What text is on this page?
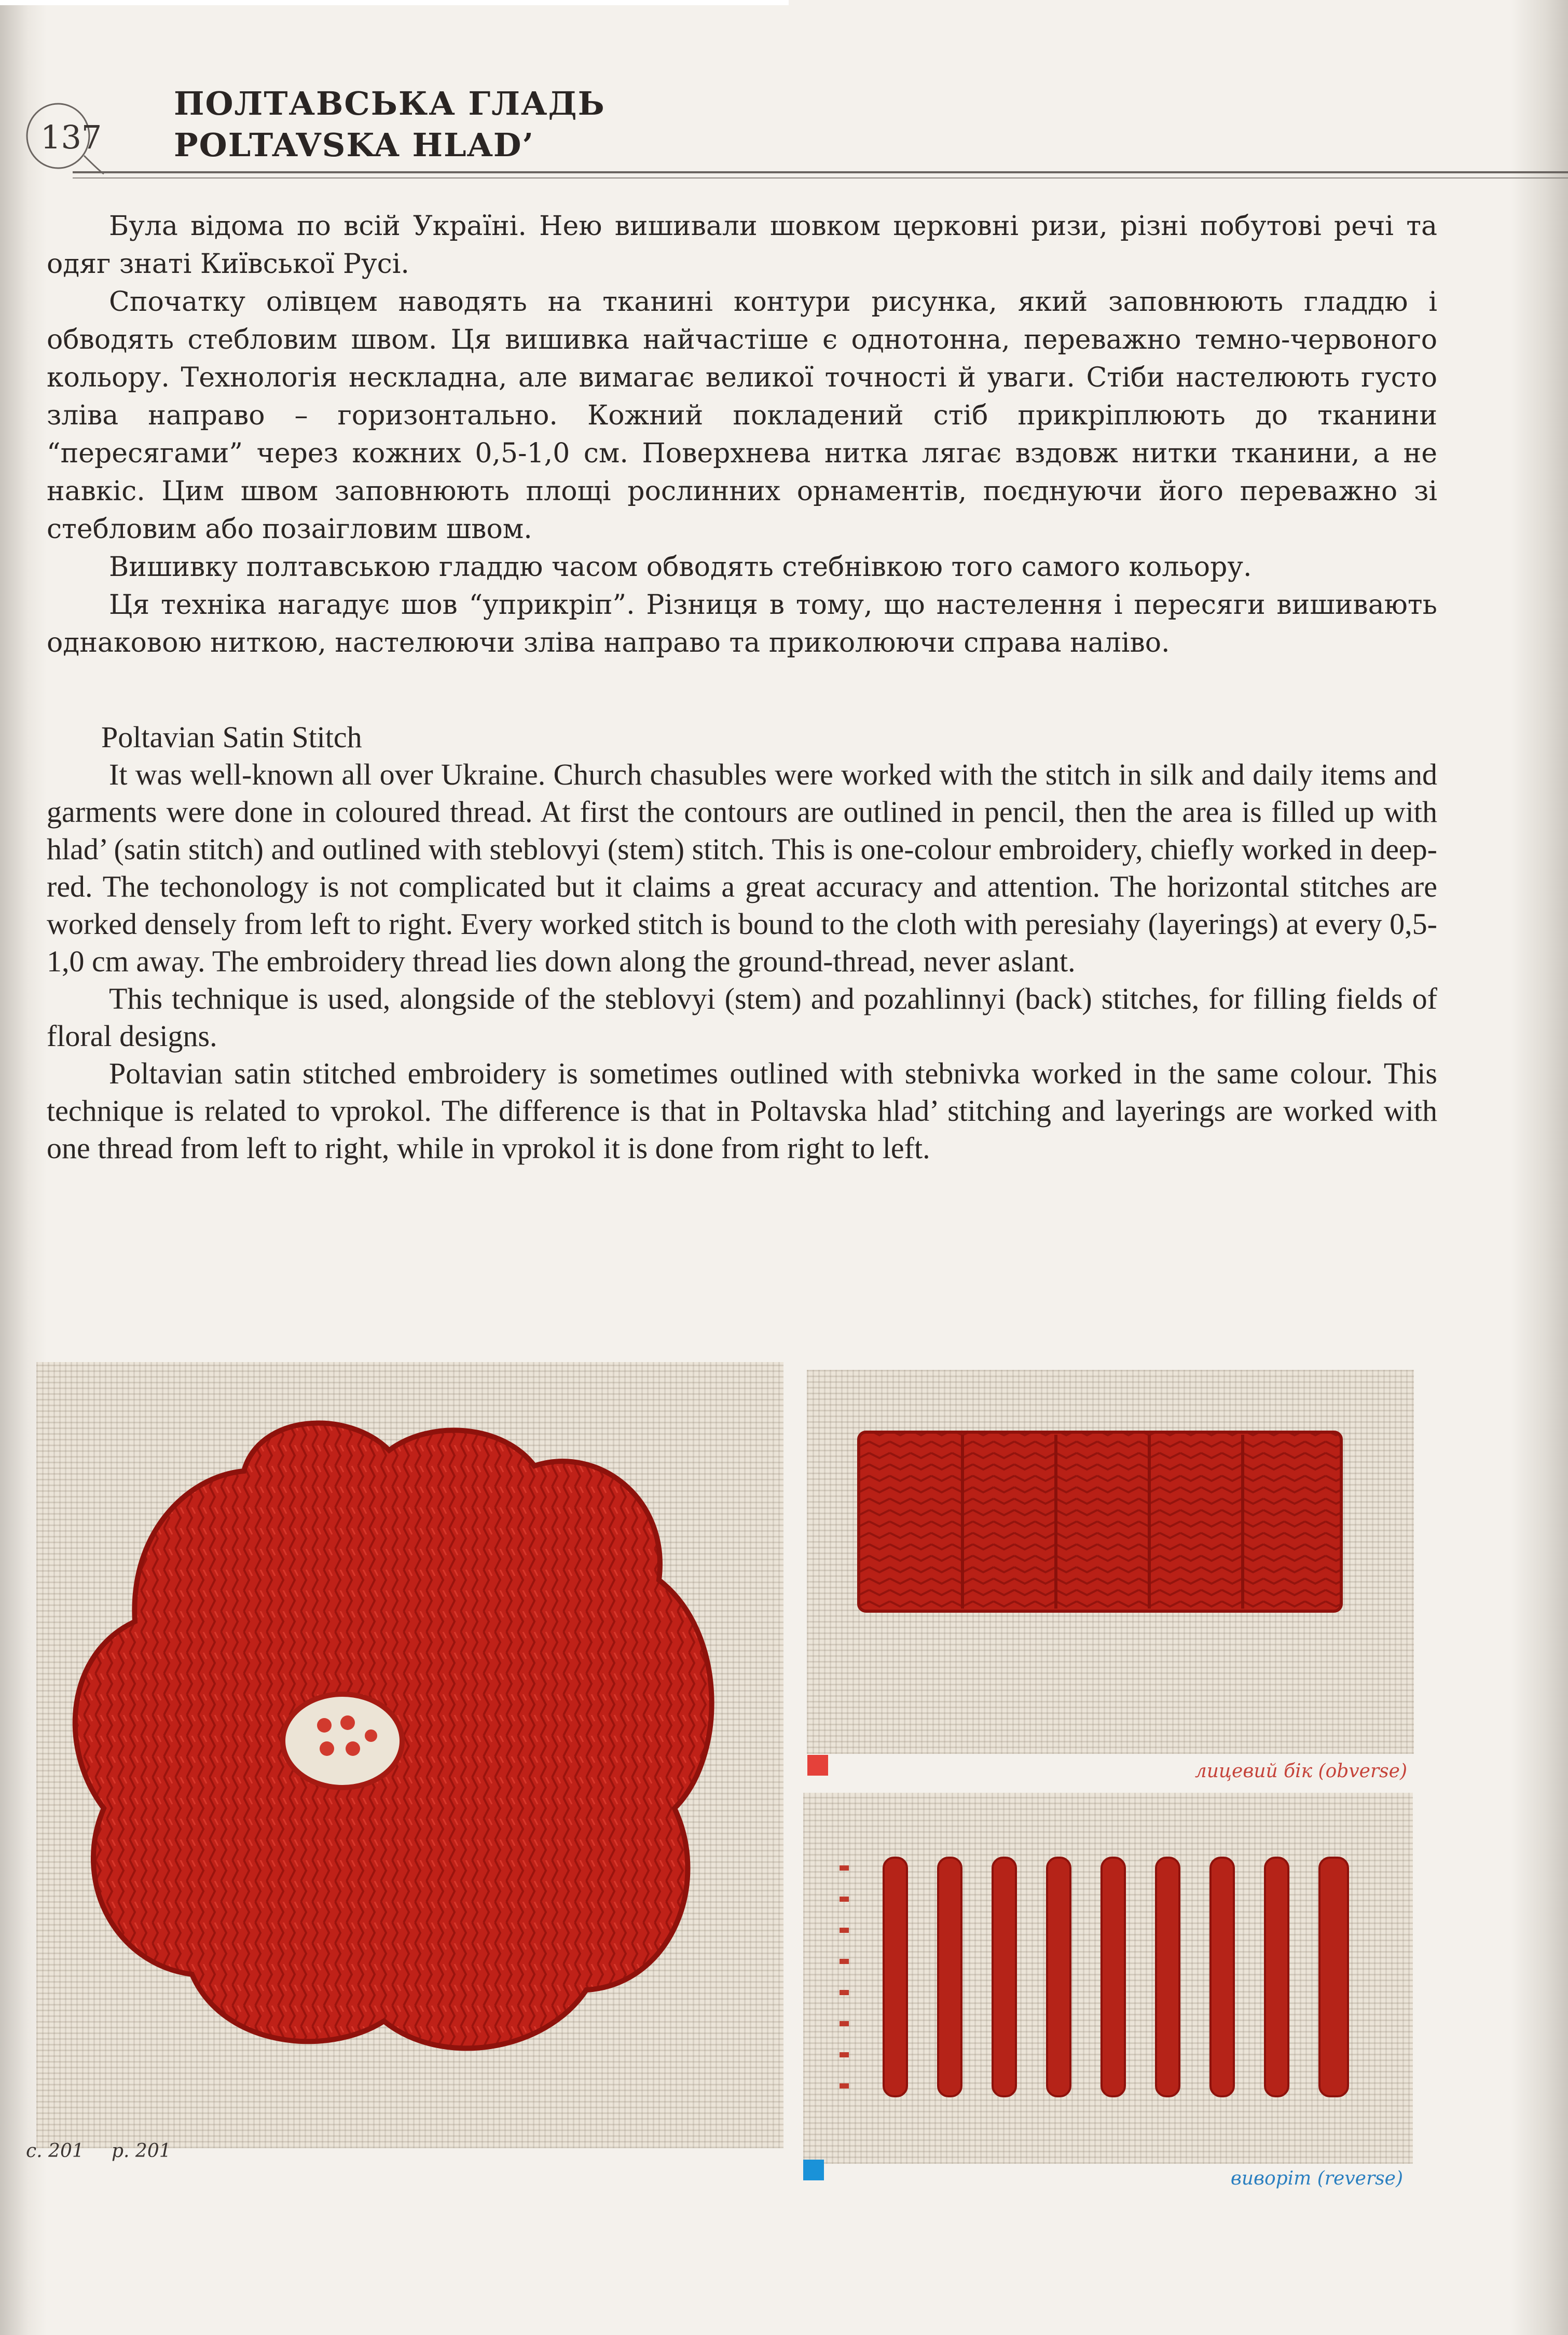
137
ПОЛТАВСЬКА ГЛАДЬ
POLTAVSKA HLAD’

Була відома по всій Україні. Нею вишивали шовком церковні ризи, різні побутові речі та одяг знаті Київської Русі.

Спочатку олівцем наводять на тканині контури рисунка, який заповнюють гладдю і обводять стебловим швом. Ця вишивка найчастіше є однотонна, переважно темно-червоного кольору. Технологія нескладна, але вимагає великої точності й уваги. Стіби настелюють густо зліва направо – горизонтально. Кожний покладений стіб прикріплюють до тканини “пересягами” через кожних 0,5-1,0 см. Поверхнева нитка лягає вздовж нитки тканини, а не навкіс. Цим швом заповнюють площі рослинних орнаментів, поєднуючи його переважно зі стебловим або позаігловим швом.

Вишивку полтавською гладдю часом обводять стебнівкою того самого кольору.

Ця техніка нагадує шов “уприкріп”. Різниця в тому, що настелення і пересяги вишивають однаковою ниткою, настелюючи зліва направо та приколюючи справа наліво.

Poltavian Satin Stitch

It was well-known all over Ukraine. Church chasubles were worked with the stitch in silk and daily items and garments were done in coloured thread. At first the contours are outlined in pencil, then the area is filled up with hlad’ (satin stitch) and outlined with steblovyi (stem) stitch. This is one-colour embroidery, chiefly worked in deep-red. The techonology is not complicated but it claims a great accuracy and attention. The horizontal stitches are worked densely from left to right. Every worked stitch is bound to the cloth with peresiahy (layerings) at every 0,5-1,0 cm away. The embroidery thread lies down along the ground-thread, never aslant.

This technique is used, alongside of the steblovyi (stem) and pozahlinnyi (back) stitches, for filling fields of floral designs.

Poltavian satin stitched embroidery is sometimes outlined with stebnivka worked in the same colour. This technique is related to vprokol. The difference is that in Poltavska hlad’ stitching and layerings are worked with one thread from left to right, while in vprokol it is done from right to left.

с. 201 p. 201
лицевий бік (obverse)
виворіт (reverse)
